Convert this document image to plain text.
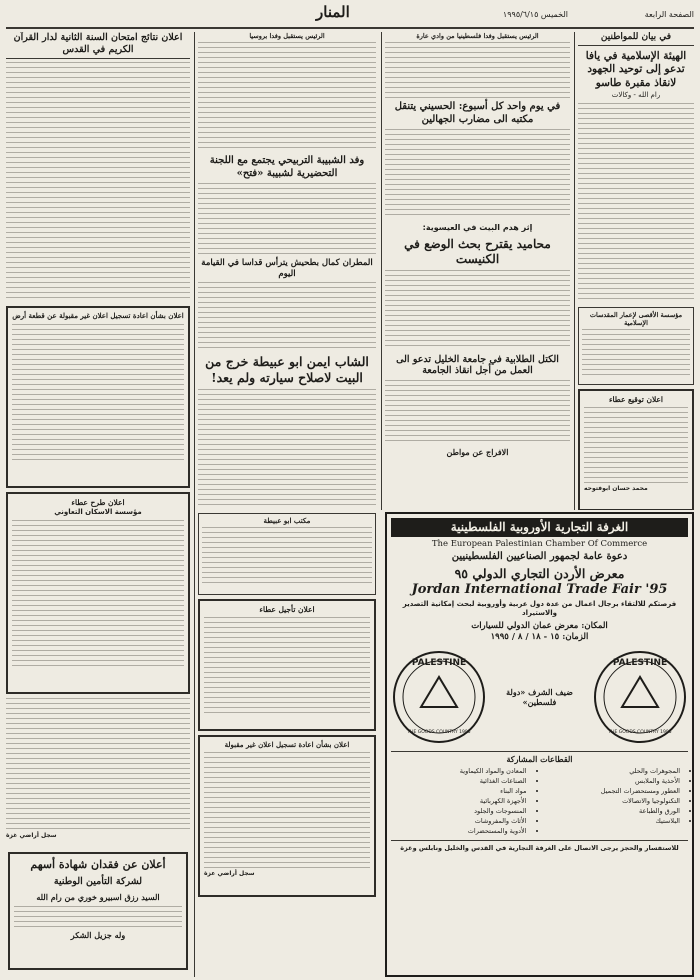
الصفحة الرابعة
الخميس ١٩٩٥/٦/١٥
المنار

في بيان للمواطنين

الهيئة الإسلامية في يافا تدعو إلى توحيد الجهود لانقاذ مقبرة طاسو

رام الله - وكالات

مؤسسة الأقصى لإعمار المقدسات الإسلامية

اعلان توقيع عطاء

محمد حسان ابوفتوحه

الرئيس يستقبل وفدا فلسطينيا من وادي عارة

في يوم واحد كل أسبوع: الحسيني يتنقل مكتبه الى مضارب الجهالين

إثر هدم البيت في العيسوية:

محاميد يقترح بحث الوضع في الكنيست

الكتل الطلابية في جامعة الخليل تدعو الى العمل من أجل انقاذ الجامعة

الافراج عن مواطن

الرئيس يستقبل وفدا بروسيا

وفد الشبيبة التربيحي يجتمع مع اللجنة التحضيرية لشبيبة «فتح»

المطران كمال بطحيش يترأس قداسا في القيامة اليوم

الشاب ايمن ابو عبيطة خرج من البيت لاصلاح سيارته ولم يعد!

مكتب ابو عبيطة

اعلان تأجيل عطاء

اعلان بشأن اعادة تسجيل اعلان غير مقبولة

سجل أراضي عزة

اعلان نتائج امتحان السنة الثانية لدار القرآن الكريم في القدس

اعلان بشأن اعادة تسجيل اعلان غير مقبولة عن قطعة أرض

اعلان طرح عطاء

مؤسسة الاسكان التعاوني

سجل أراضي غزة

أعلان عن فقدان شهادة أسهم

لشركة التأمين الوطنية

السيد رزق اسبيرو خوري من رام الله

وله جزيل الشكر

الغرفة التجارية الأوروبية الفلسطينية

The European Palestinian Chamber Of Commerce

دعوة عامة لجمهور الصناعيين الفلسطينيين

معرض الأردن التجاري الدولي ٩٥

Jordan International Trade Fair '95

فرصتكم للالتقاء برجال اعمال من عدة دول عربية وأوروبية لبحث إمكانية التصدير والاستيراد

المكان: معرض عمان الدولي للسيارات

الزمان: ١٥ - ١٨ / ٨ / ١٩٩٥

PALESTINE
THE GOODS COUNTRY 1995

ضيف الشرف «دولة فلسطين»

PALESTINE
THE GOODS COUNTRY 1995

القطاعات المشاركة

• المجوهرات والحلي
• الأحذية والملابس
• العطور ومستحضرات التجميل
• التكنولوجيا والاتصالات
• الورق والطباعة
• البلاستيك
• المعادن والمواد الكيماوية
• الصناعات الغذائية
• مواد البناء
• الأجهزة الكهربائية
• المنسوجات والجلود
• الأثاث والمفروشات
• الأدوية والمستحضرات

للاستفسار والحجز يرجى الاتصال على الغرفة التجارية في القدس والخليل ونابلس وغزة
